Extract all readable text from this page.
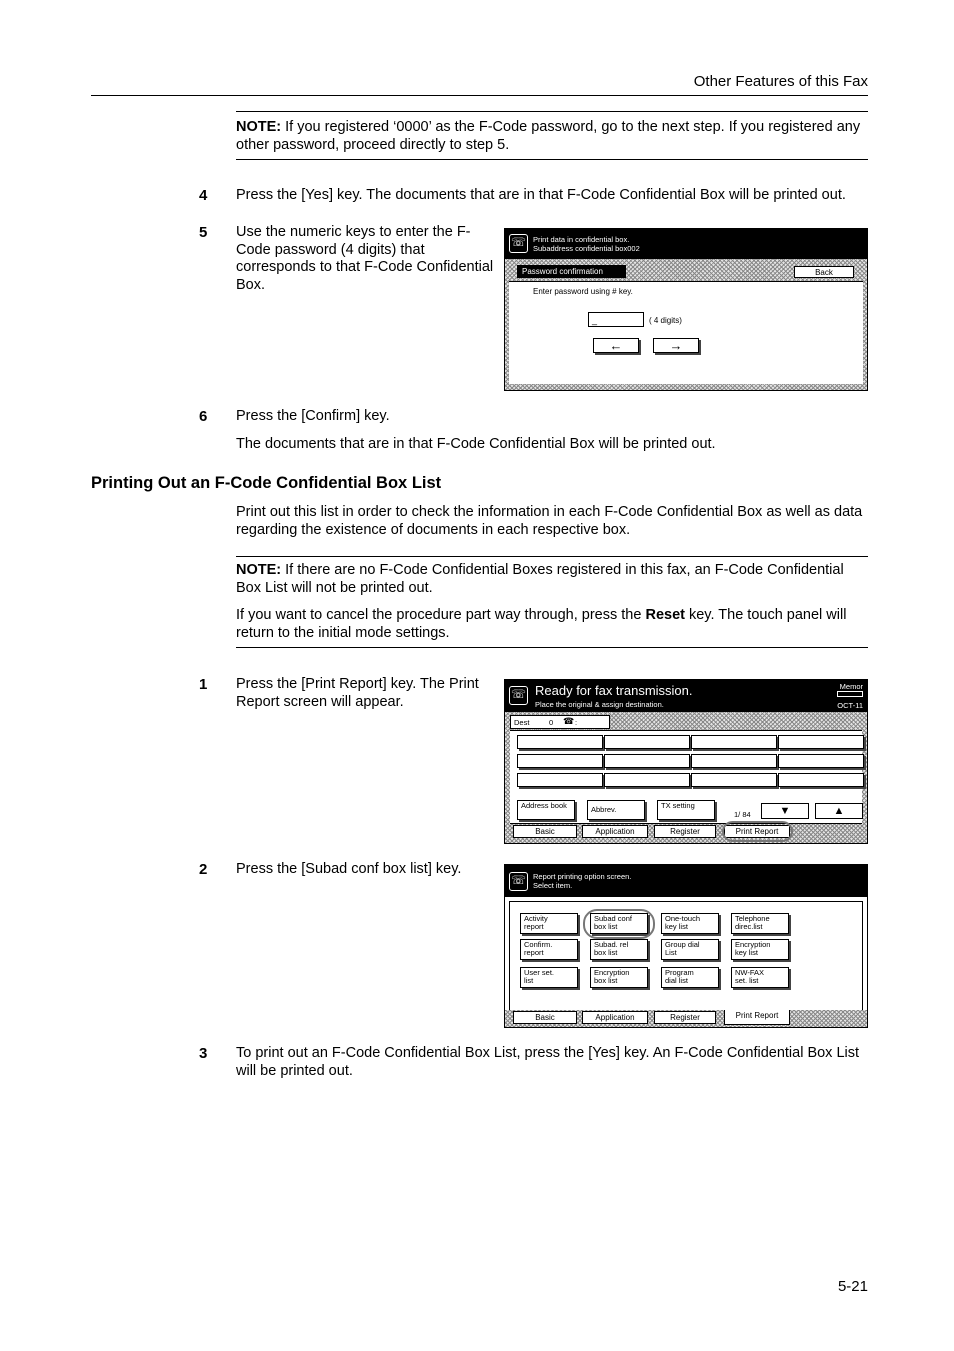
Other Features of this Fax
NOTE: If you registered ‘0000’ as the F-Code password, go to the next step. If you registered any other password, proceed directly to step 5.
4 Press the [Yes] key. The documents that are in that F-Code Confidential Box will be printed out.
5 Use the numeric keys to enter the F-Code password (4 digits) that corresponds to that F-Code Confidential Box.
☏ Print data in confidential box.
Subaddress confidential box002
Password confirmation	Back
Enter password using # key.
_	( 4 digits)
←	→
6 Press the [Confirm] key.
The documents that are in that F-Code Confidential Box will be printed out.
Printing Out an F-Code Confidential Box List
Print out this list in order to check the information in each F-Code Confidential Box as well as data regarding the existence of documents in each respective box.
NOTE: If there are no F-Code Confidential Boxes registered in this fax, an F-Code Confidential Box List will not be printed out.
If you want to cancel the procedure part way through, press the Reset key. The touch panel will return to the initial mode settings.
1 Press the [Print Report] key. The Print Report screen will appear.	☏ Ready for fax transmission.
Place the original & assign destination.
Memor
OCT-11
Dest	0 ☎ :
Address book	Abbrev.	TX setting
1/ 84	▼	▲
Basic	Application	Register	Print Report
2 Press the [Subad conf box list] key.
☏ Report printing option screen.
Select item.
Activity
report
Subad conf
box list
One-touch
key list
Telephone
direc.list
Confirm.
report
Subad. rel
box list
Group dial
List
Encryption
key list
User set.
list
Encryption
box list
Program
dial list
NW-FAX
set. list
Basic	Application	Register	Print Report
3 To print out an F-Code Confidential Box List, press the [Yes] key. An F-Code Confidential Box List will be printed out.
5-21
